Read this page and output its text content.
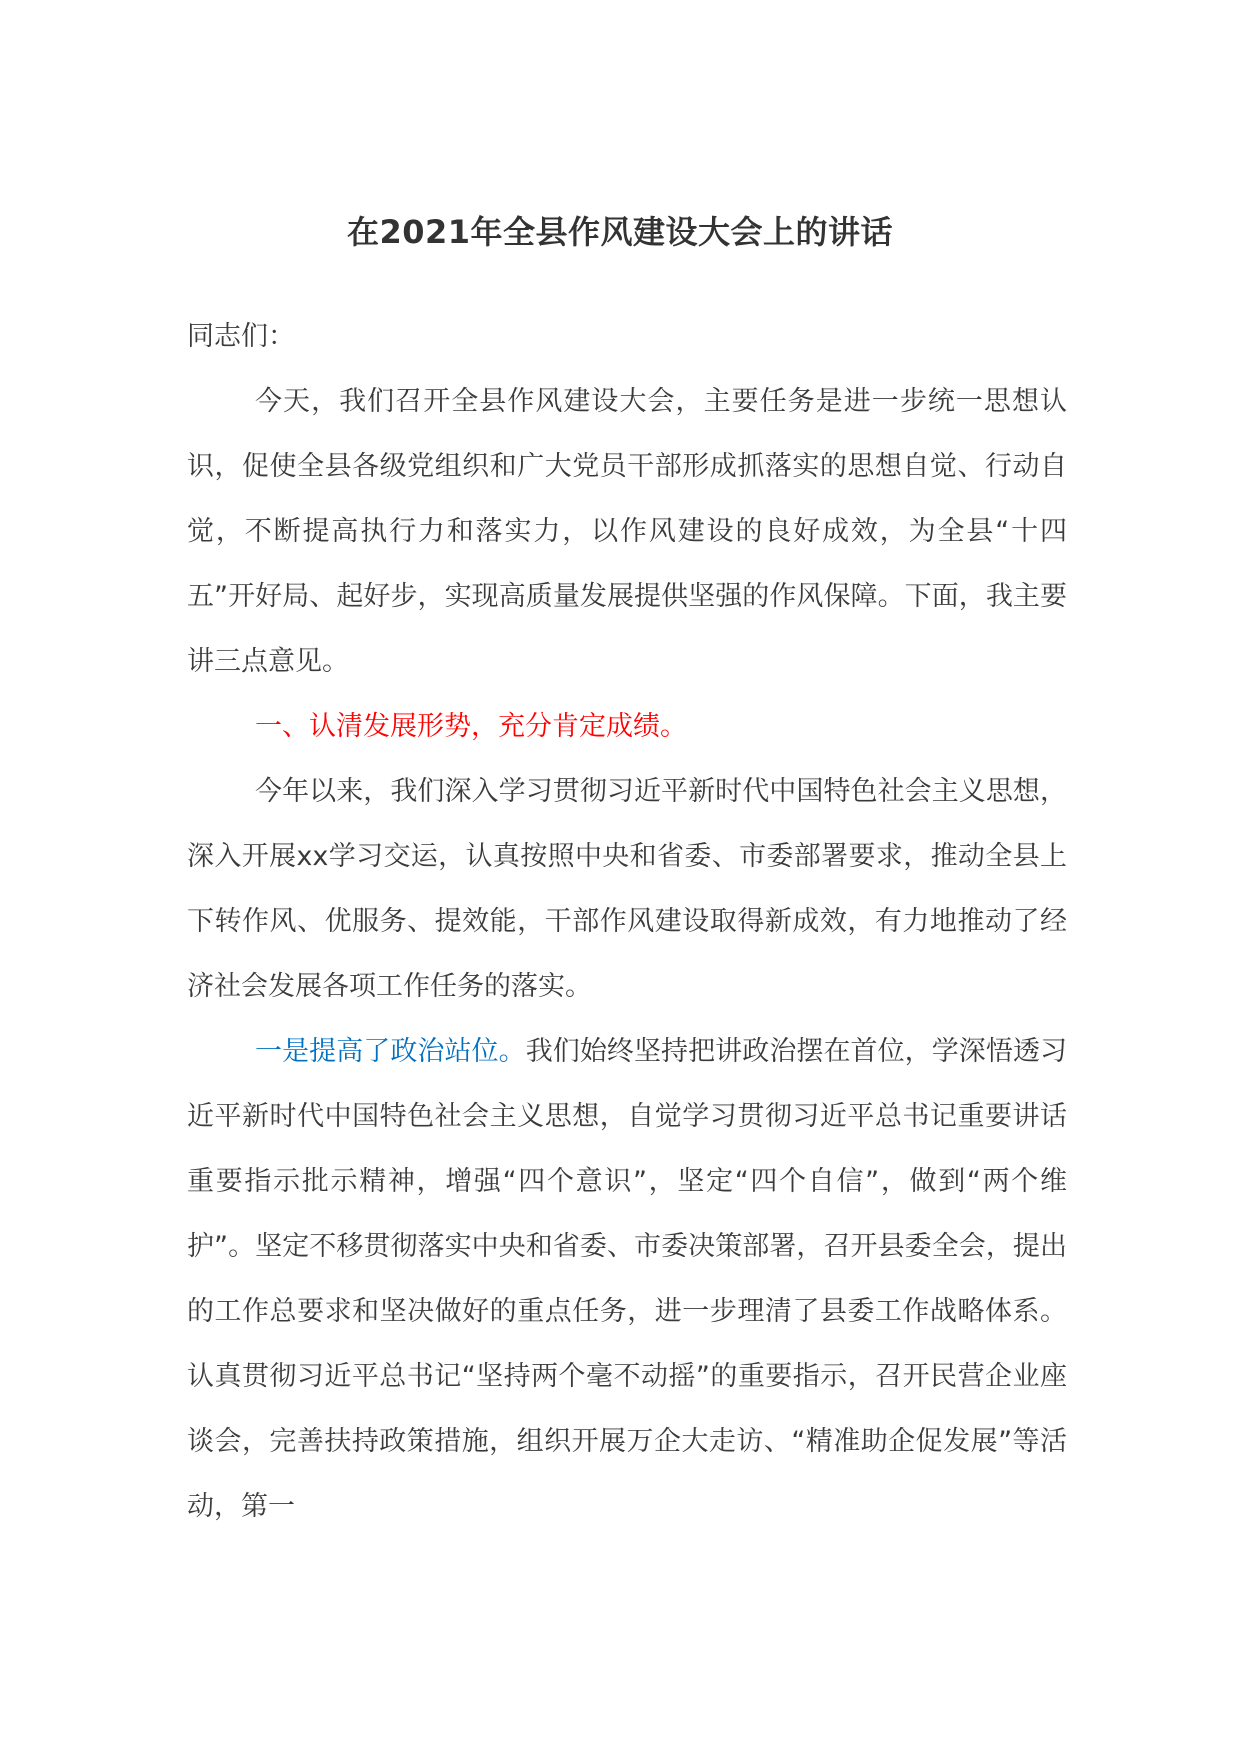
在2021年全县作风建设大会上的讲话

同志们：

今天，我们召开全县作风建设大会，主要任务是进一步统一思想认识，促使全县各级党组织和广大党员干部形成抓落实的思想自觉、行动自觉，不断提高执行力和落实力，以作风建设的良好成效，为全县“十四五”开好局、起好步，实现高质量发展提供坚强的作风保障。下面，我主要讲三点意见。

一、认清发展形势，充分肯定成绩。

今年以来，我们深入学习贯彻习近平新时代中国特色社会主义思想，深入开展xx学习交运，认真按照中央和省委、市委部署要求，推动全县上下转作风、优服务、提效能，干部作风建设取得新成效，有力地推动了经济社会发展各项工作任务的落实。

一是提高了政治站位。我们始终坚持把讲政治摆在首位，学深悟透习近平新时代中国特色社会主义思想，自觉学习贯彻习近平总书记重要讲话重要指示批示精神，增强“四个意识”，坚定“四个自信”，做到“两个维护”。坚定不移贯彻落实中央和省委、市委决策部署，召开县委全会，提出的工作总要求和坚决做好的重点任务，进一步理清了县委工作战略体系。认真贯彻习近平总书记“坚持两个毫不动摇”的重要指示，召开民营企业座谈会，完善扶持政策措施，组织开展万企大走访、“精准助企促发展”等活动，第一
